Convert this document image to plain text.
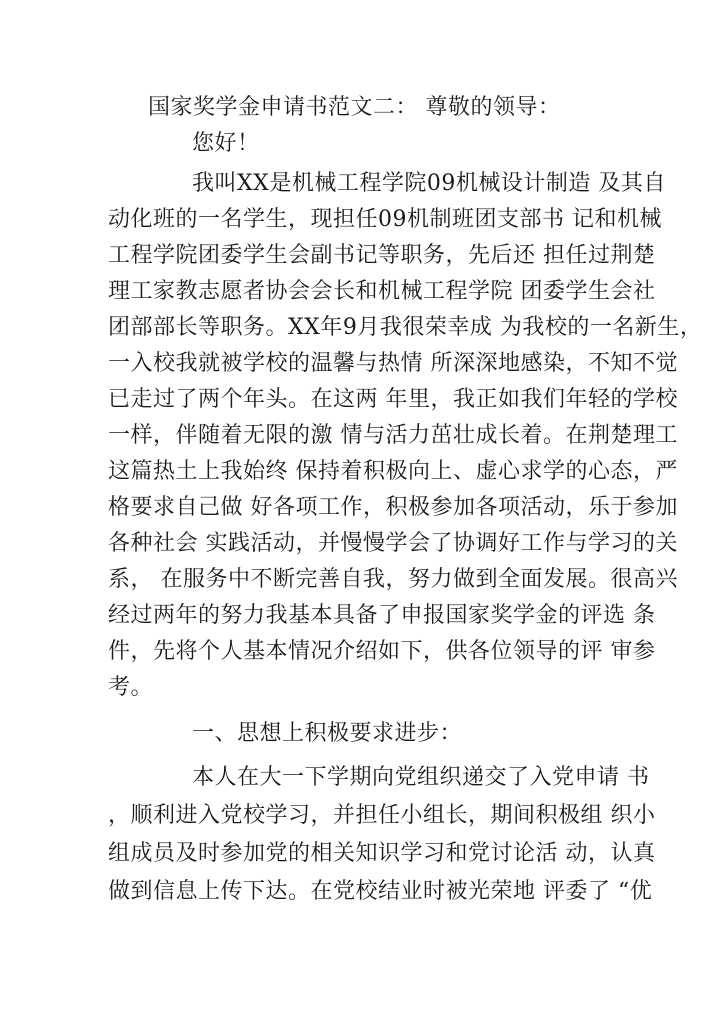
国家奖学金申请书范文二： 尊敬的领导：
您好！
我叫XX是机械工程学院09机械设计制造 及其自
动化班的一名学生，现担任09机制班团支部书 记和机械
工程学院团委学生会副书记等职务，先后还 担任过荆楚
理工家教志愿者协会会长和机械工程学院 团委学生会社
团部部长等职务。XX年9月我很荣幸成 为我校的一名新生，
一入校我就被学校的温馨与热情 所深深地感染，不知不觉
已走过了两个年头。在这两 年里，我正如我们年轻的学校
一样，伴随着无限的激 情与活力茁壮成长着。在荆楚理工
这篇热土上我始终 保持着积极向上、虚心求学的心态，严
格要求自己做 好各项工作，积极参加各项活动，乐于参加
各种社会 实践活动，并慢慢学会了协调好工作与学习的关
系， 在服务中不断完善自我，努力做到全面发展。很高兴
经过两年的努力我基本具备了申报国家奖学金的评选 条
件，先将个人基本情况介绍如下，供各位领导的评 审参
考。
一、思想上积极要求进步：
本人在大一下学期向党组织递交了入党申请 书
，顺利进入党校学习，并担任小组长，期间积极组 织小
组成员及时参加党的相关知识学习和党讨论活 动，认真
做到信息上传下达。在党校结业时被光荣地 评委了 “优
